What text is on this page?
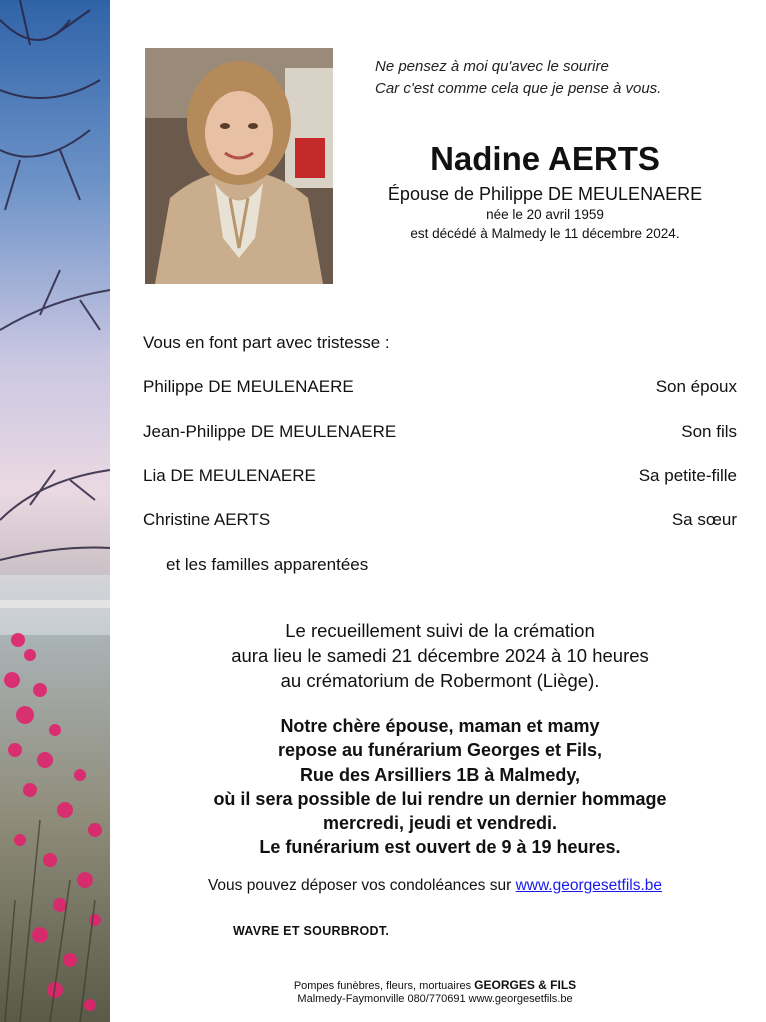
Ne pensez à moi qu'avec le sourire
Car c'est comme cela que je pense à vous.
Nadine AERTS
Épouse de Philippe DE MEULENAERE
née le 20 avril 1959
est décédé à Malmedy le 11 décembre 2024.
Vous en font part avec tristesse :
Philippe DE MEULENAERE	Son époux
Jean-Philippe DE MEULENAERE	Son fils
Lia DE MEULENAERE	Sa petite-fille
Christine AERTS	Sa sœur
et les familles apparentées
Le recueillement suivi de la crémation
aura lieu le samedi 21 décembre 2024 à 10 heures
au crématorium de Robermont (Liège).
Notre chère épouse, maman et mamy
repose au funérarium Georges et Fils,
Rue des Arsilliers 1B à Malmedy,
où il sera possible de lui rendre un dernier hommage
mercredi, jeudi et vendredi.
Le funérarium est ouvert de 9 à 19 heures.
Vous pouvez déposer vos condoléances sur www.georgesetfils.be
WAVRE ET SOURBRODT.
Pompes funèbres, fleurs, mortuaires GEORGES & FILS
Malmedy-Faymonville 080/770691 www.georgesetfils.be
